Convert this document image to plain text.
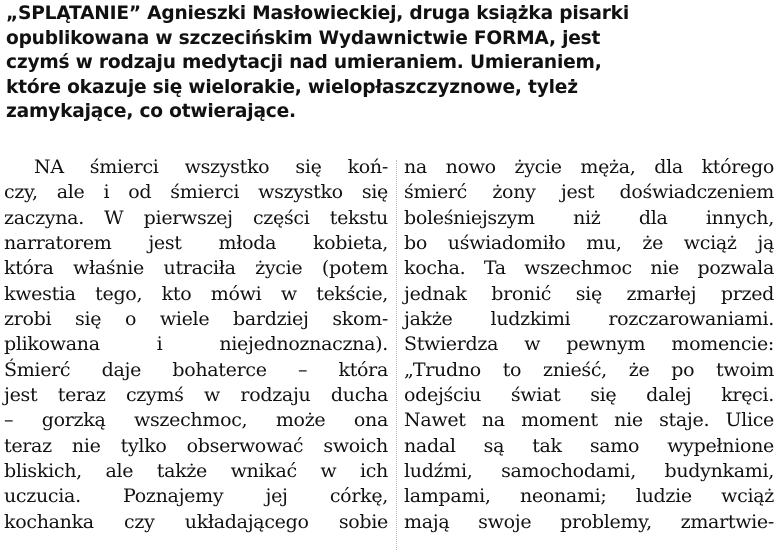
„SPLĄTANIE” Agnieszki Masłowieckiej, druga książka pisarki
opublikowana w szczecińskim Wydawnictwie FORMA, jest
czymś w rodzaju medytacji nad umieraniem. Umieraniem,
które okazuje się wielorakie, wielopłaszczyznowe, tyleż
zamykające, co otwierające.
NA śmierci wszystko się koń-
czy, ale i od śmierci wszystko się
zaczyna. W pierwszej części tekstu
narratorem jest młoda kobieta,
która właśnie utraciła życie (potem
kwestia tego, kto mówi w tekście,
zrobi się o wiele bardziej skom-
plikowana i niejednoznaczna).
Śmierć daje bohaterce – która
jest teraz czymś w rodzaju ducha
– gorzką wszechmoc, może ona
teraz nie tylko obserwować swoich
bliskich, ale także wnikać w ich
uczucia. Poznajemy jej córkę,
kochanka czy układającego sobie
na nowo życie męża, dla którego
śmierć żony jest doświadczeniem
boleśniejszym niż dla innych,
bo uświadomiło mu, że wciąż ją
kocha. Ta wszechmoc nie pozwala
jednak bronić się zmarłej przed
jakże ludzkimi rozczarowaniami.
Stwierdza w pewnym momencie:
„Trudno to znieść, że po twoim
odejściu świat się dalej kręci.
Nawet na moment nie staje. Ulice
nadal są tak samo wypełnione
ludźmi, samochodami, budynkami,
lampami, neonami; ludzie wciąż
mają swoje problemy, zmartwie-
